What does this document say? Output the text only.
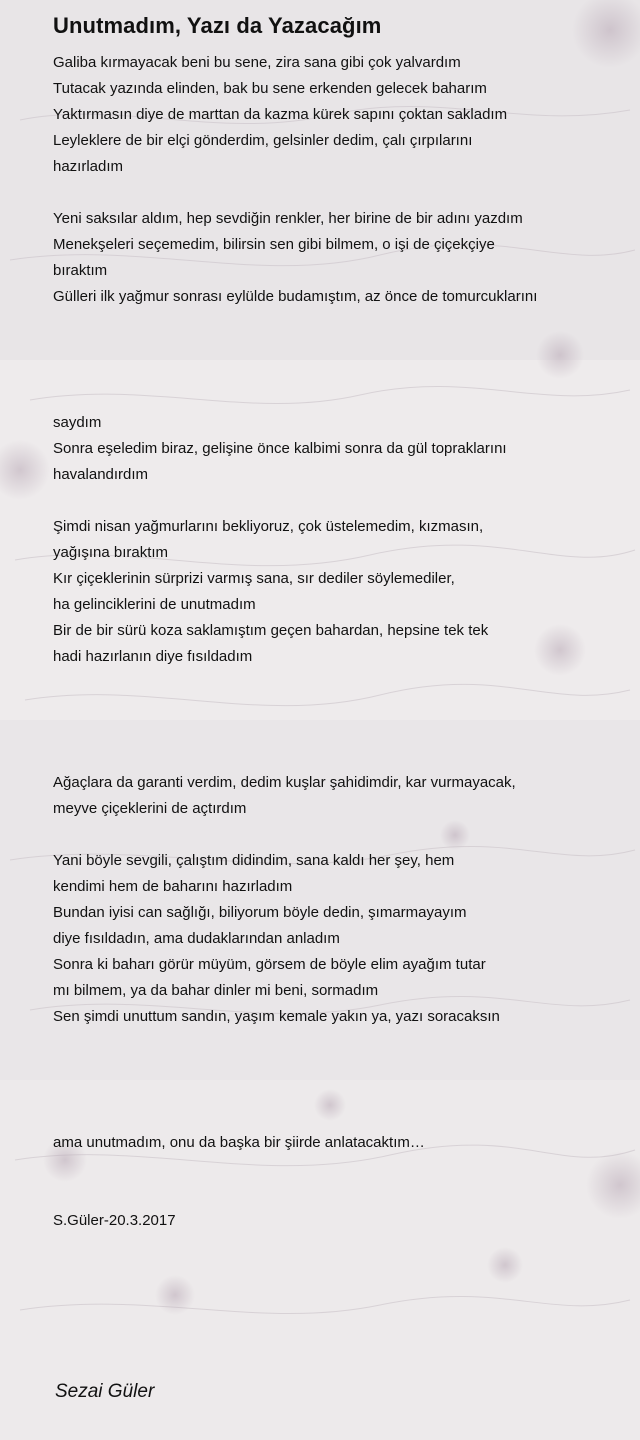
Unutmadım, Yazı da Yazacağım
Galiba kırmayacak beni bu sene, zira sana gibi çok yalvardım
Tutacak yazında elinden, bak bu sene erkenden gelecek baharım
Yaktırmasın diye de marttan da kazma kürek sapını çoktan sakladım
Leyleklere de bir elçi gönderdim, gelsinler dedim, çalı çırpılarını
hazırladım
Yeni saksılar aldım, hep sevdiğin renkler, her birine de bir adını yazdım
Menekşeleri seçemedim, bilirsin sen gibi bilmem, o işi de çiçekçiye
bıraktım
Gülleri ilk yağmur sonrası eylülde budamıştım, az önce de tomurcuklarını
saydım
Sonra eşeledim biraz, gelişine önce kalbimi sonra da gül topraklarını
havalandırdım
Şimdi nisan yağmurlarını bekliyoruz, çok üstelemedim, kızmasın,
yağışına bıraktım
Kır çiçeklerinin sürprizi varmış sana, sır dediler söylemediler,
ha gelinciklerini de unutmadım
Bir de bir sürü koza saklamıştım geçen bahardan, hepsine tek tek
hadi hazırlanın diye fısıldadım
Ağaçlara da garanti verdim, dedim kuşlar şahidimdir, kar vurmayacak,
meyve çiçeklerini de açtırdım
Yani böyle sevgili, çalıştım didindim, sana kaldı her şey, hem
kendimi hem de baharını hazırladım
Bundan iyisi can sağlığı, biliyorum böyle dedin, şımarmayayım
diye fısıldadın, ama dudaklarından anladım
Sonra ki baharı görür müyüm, görsem de böyle elim ayağım tutar
mı bilmem, ya da bahar dinler mi beni, sormadım
Sen şimdi unuttum sandın, yaşım kemale yakın ya, yazı soracaksın
ama unutmadım, onu da başka bir şiirde anlatacaktım…
S.Güler-20.3.2017
Sezai Güler
